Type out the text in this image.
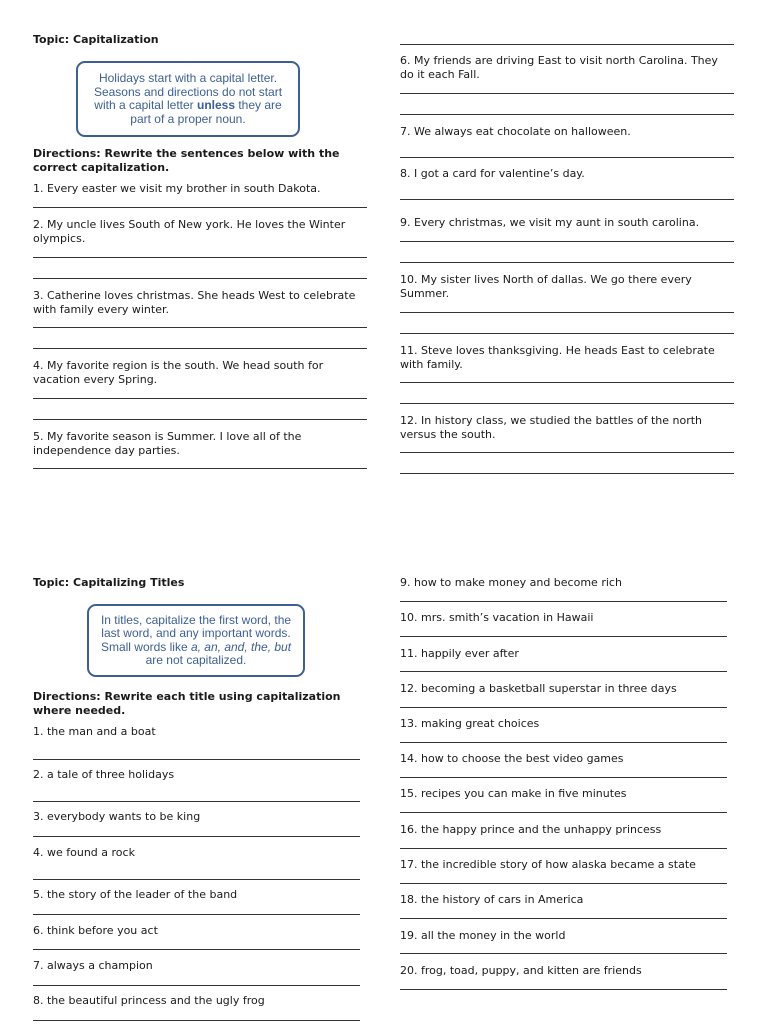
Topic: Capitalization
Holidays start with a capital letter. Seasons and directions do not start with a capital letter unless they are part of a proper noun.
Directions: Rewrite the sentences below with the correct capitalization.
1. Every easter we visit my brother in south Dakota.
2. My uncle lives South of New york. He loves the Winter olympics.
3. Catherine loves christmas. She heads West to celebrate with family every winter.
4. My favorite region is the south. We head south for vacation every Spring.
5. My favorite season is Summer. I love all of the independence day parties.
6. My friends are driving East to visit north Carolina. They do it each Fall.
7. We always eat chocolate on halloween.
8. I got a card for valentine’s day.
9. Every christmas, we visit my aunt in south carolina.
10. My sister lives North of dallas. We go there every Summer.
11. Steve loves thanksgiving. He heads East to celebrate with family.
12. In history class, we studied the battles of the north versus the south.
Topic: Capitalizing Titles
In titles, capitalize the first word, the last word, and any important words. Small words like a, an, and, the, but are not capitalized.
Directions: Rewrite each title using capitalization where needed.
1. the man and a boat
2. a tale of three holidays
3. everybody wants to be king
4. we found a rock
5. the story of the leader of the band
6. think before you act
7. always a champion
8. the beautiful princess and the ugly frog
9. how to make money and become rich
10. mrs. smith’s vacation in Hawaii
11. happily ever after
12. becoming a basketball superstar in three days
13. making great choices
14. how to choose the best video games
15. recipes you can make in five minutes
16. the happy prince and the unhappy princess
17. the incredible story of how alaska became a state
18. the history of cars in America
19. all the money in the world
20. frog, toad, puppy, and kitten are friends
